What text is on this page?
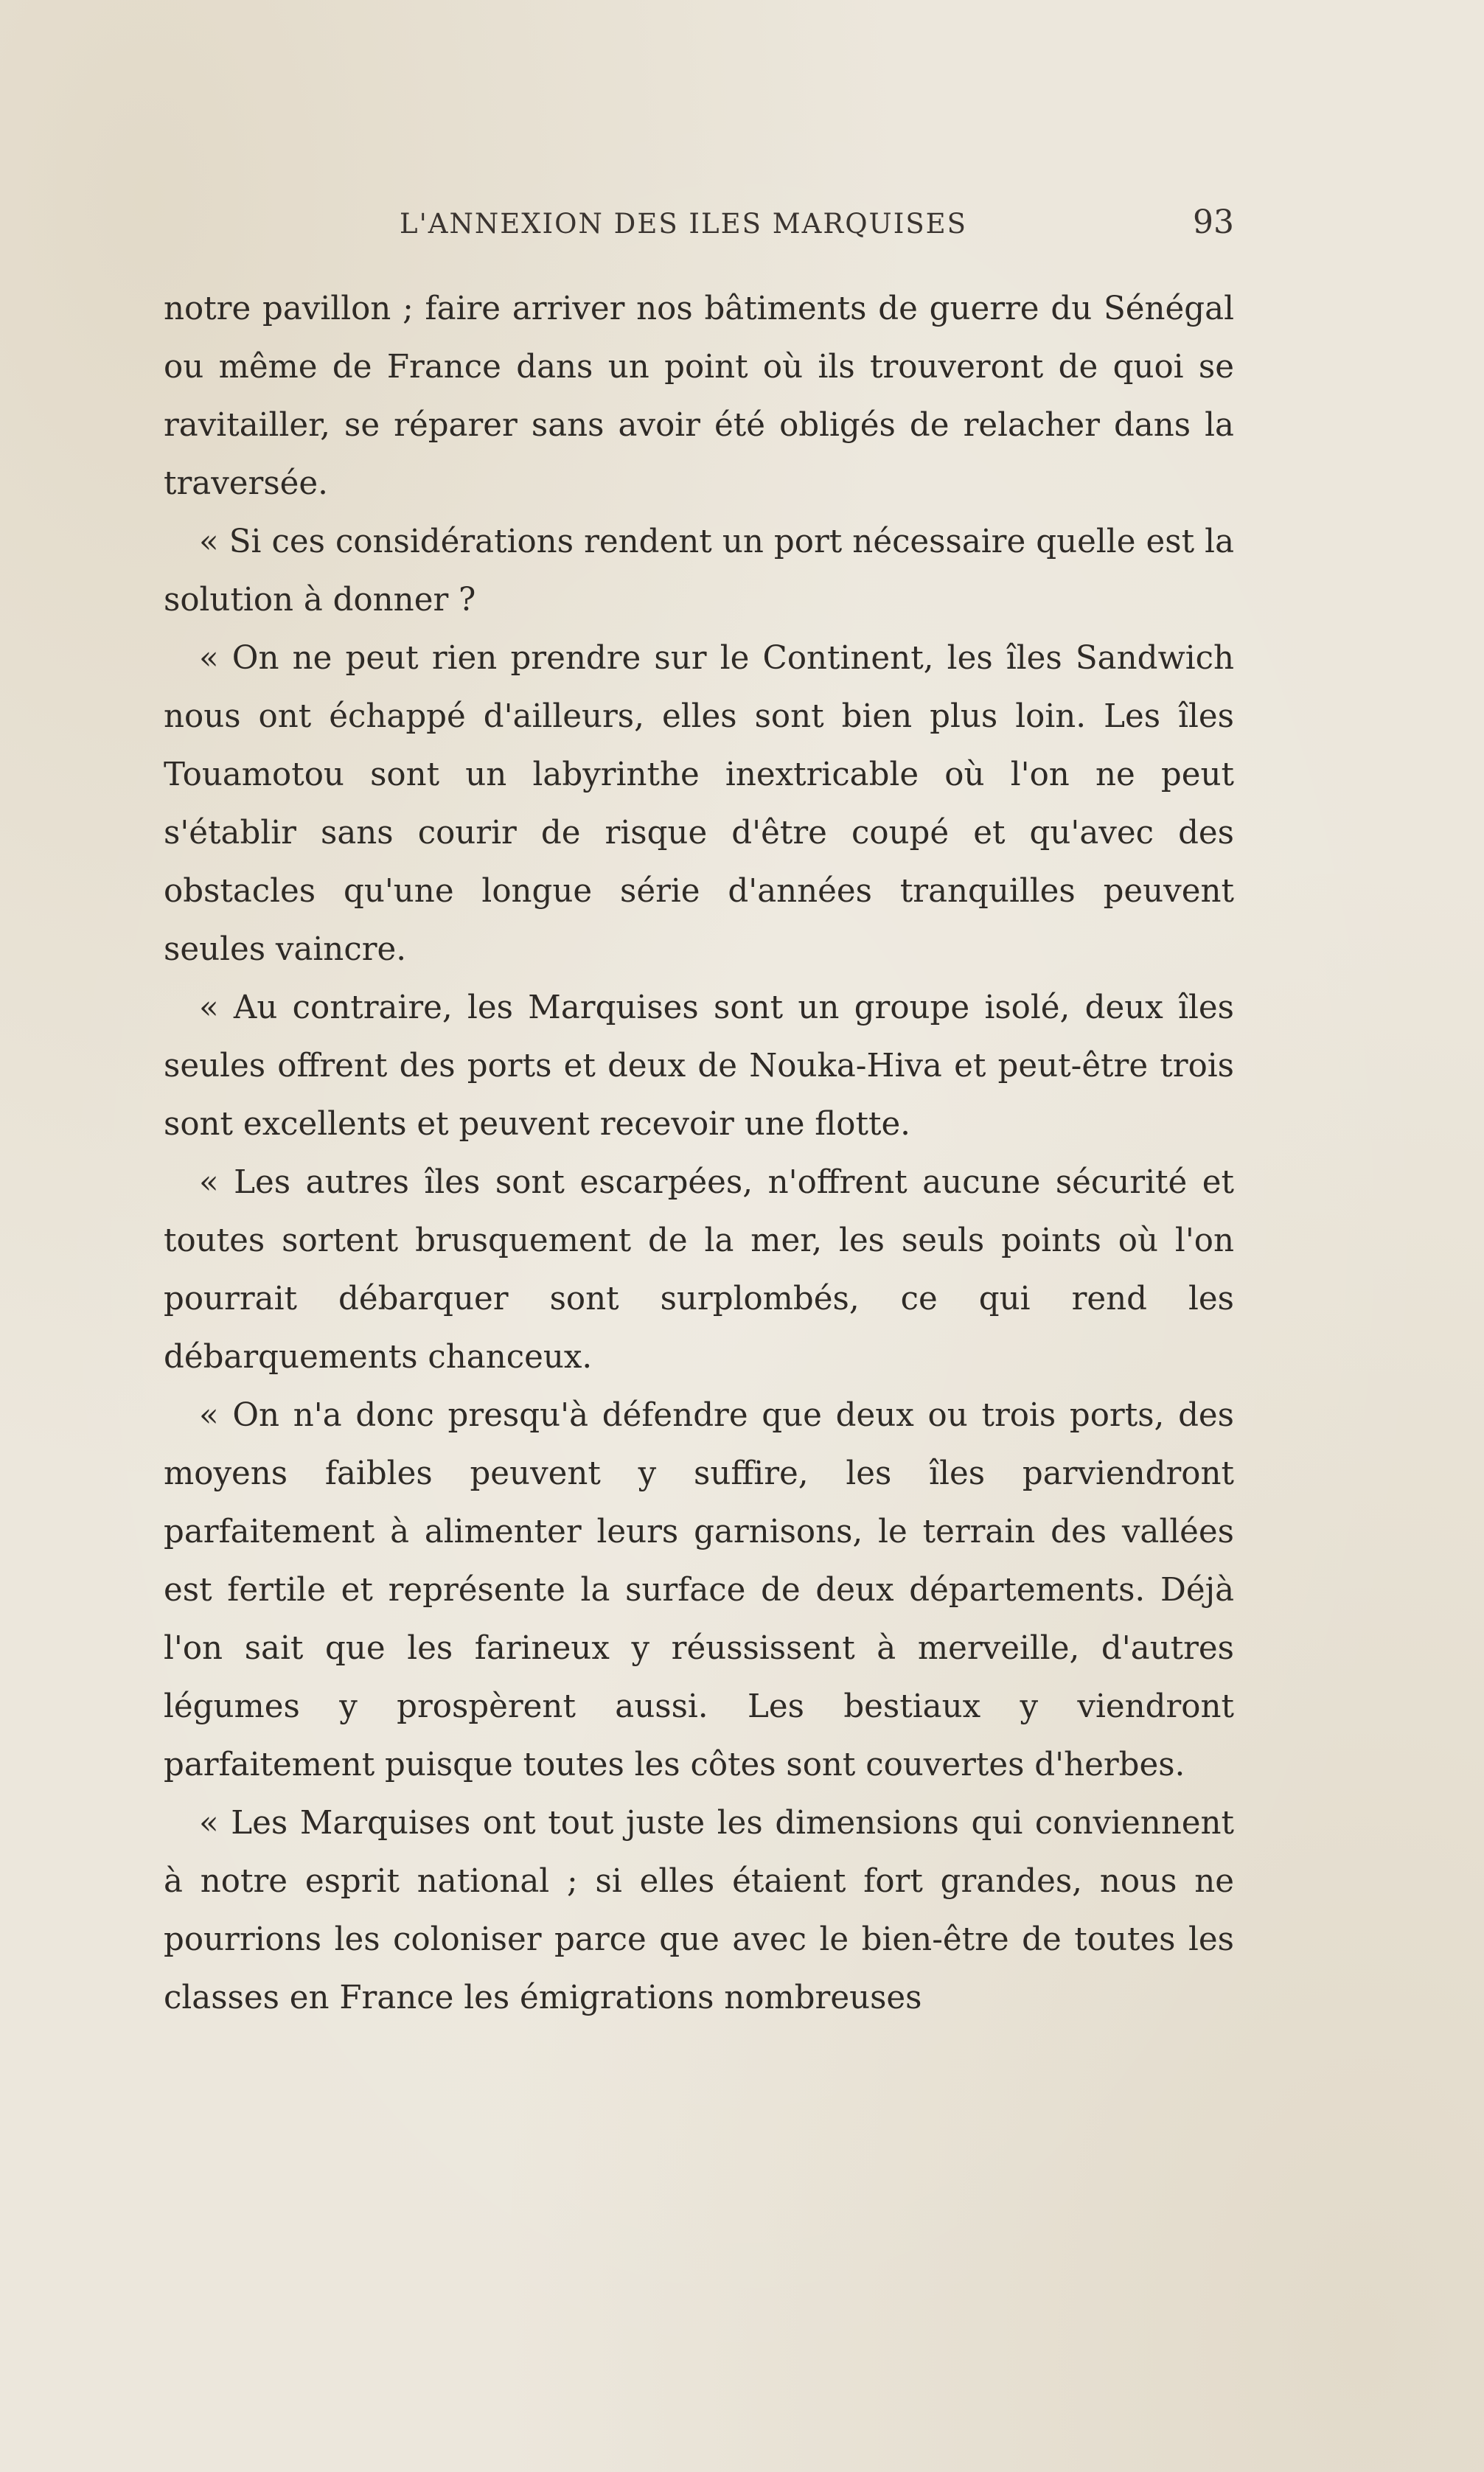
L'ANNEXION DES ILES MARQUISES	93

notre pavillon ; faire arriver nos bâtiments de guerre du Sénégal ou même de France dans un point où ils trouveront de quoi se ravitailler, se réparer sans avoir été obligés de relacher dans la traversée.

« Si ces considérations rendent un port nécessaire quelle est la solution à donner ?

« On ne peut rien prendre sur le Continent, les îles Sandwich nous ont échappé d'ailleurs, elles sont bien plus loin. Les îles Touamotou sont un labyrinthe inextricable où l'on ne peut s'établir sans courir de risque d'être coupé et qu'avec des obstacles qu'une longue série d'années tranquilles peuvent seules vaincre.

« Au contraire, les Marquises sont un groupe isolé, deux îles seules offrent des ports et deux de Nouka-Hiva et peut-être trois sont excellents et peuvent recevoir une flotte.

« Les autres îles sont escarpées, n'offrent aucune sécurité et toutes sortent brusquement de la mer, les seuls points où l'on pourrait débarquer sont surplombés, ce qui rend les débarquements chanceux.

« On n'a donc presqu'à défendre que deux ou trois ports, des moyens faibles peuvent y suffire, les îles parviendront parfaitement à alimenter leurs garnisons, le terrain des vallées est fertile et représente la surface de deux départements. Déjà l'on sait que les farineux y réussissent à merveille, d'autres légumes y prospèrent aussi. Les bestiaux y viendront parfaitement puisque toutes les côtes sont couvertes d'herbes.

« Les Marquises ont tout juste les dimensions qui conviennent à notre esprit national ; si elles étaient fort grandes, nous ne pourrions les coloniser parce que avec le bien-être de toutes les classes en France les émigrations nombreuses
